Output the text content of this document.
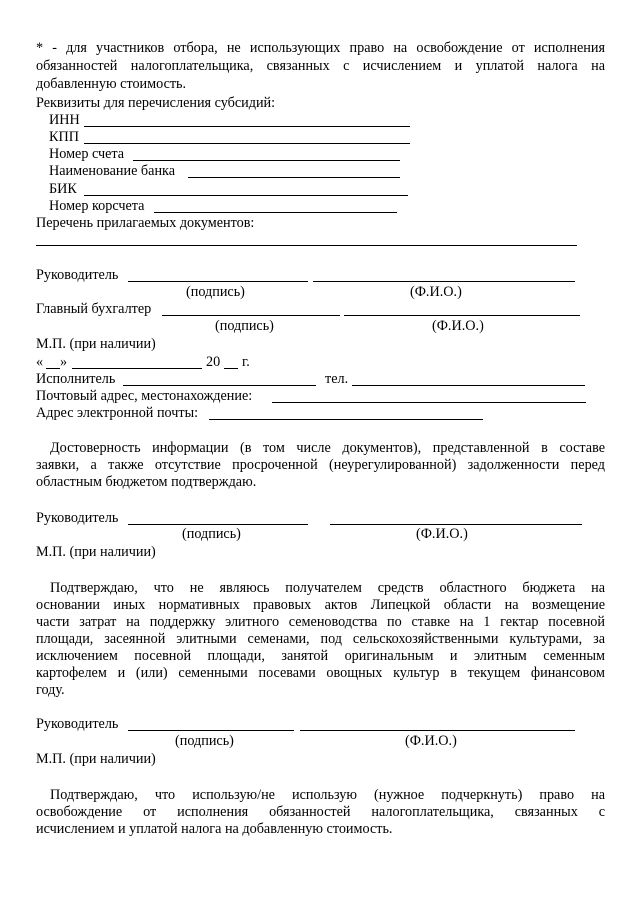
* - для участников отбора, не использующих право на освобождение от исполнения
обязанностей налогоплательщика, связанных с исчислением и уплатой налога на
добавленную стоимость.
Реквизиты для перечисления субсидий:
ИНН
КПП
Номер счета
Наименование банка
БИК
Номер корсчета
Перечень прилагаемых документов:
Руководитель
(подпись)	(Ф.И.О.)
Главный бухгалтер
(подпись)	(Ф.И.О.)
М.П. (при наличии)
« »	20 г.
Исполнитель	тел.
Почтовый адрес, местонахождение:
Адрес электронной почты:
Достоверность информации (в том числе документов), представленной в составе
заявки, а также отсутствие просроченной (неурегулированной) задолженности перед
областным бюджетом подтверждаю.
Руководитель
(подпись)	(Ф.И.О.)
М.П. (при наличии)
Подтверждаю, что не являюсь получателем средств областного бюджета на
основании иных нормативных правовых актов Липецкой области на возмещение
части затрат на поддержку элитного семеноводства по ставке на 1 гектар посевной
площади, засеянной элитными семенами, под сельскохозяйственными культурами, за
исключением посевной площади, занятой оригинальным и элитным семенным
картофелем и (или) семенными посевами овощных культур в текущем финансовом
году.
Руководитель
(подпись)	(Ф.И.О.)
М.П. (при наличии)
Подтверждаю, что использую/не использую (нужное подчеркнуть) право на
освобождение от исполнения обязанностей налогоплательщика, связанных с
исчислением и уплатой налога на добавленную стоимость.
